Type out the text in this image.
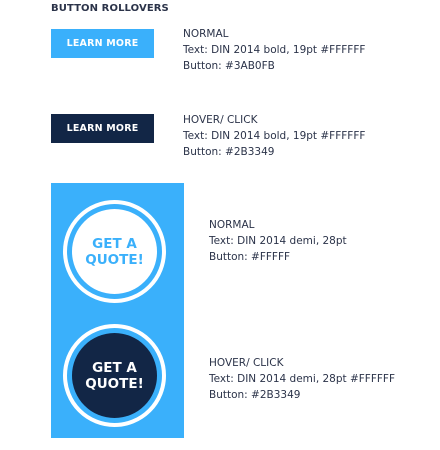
BUTTON ROLLOVERS
LEARN MORE
NORMAL
Text: DIN 2014 bold, 19pt #FFFFFF
Button: #3AB0FB
LEARN MORE
HOVER/ CLICK
Text: DIN 2014 bold, 19pt #FFFFFF
Button: #2B3349
GET A
QUOTE!
GET A
QUOTE!
NORMAL
Text: DIN 2014 demi, 28pt
Button: #FFFFF
HOVER/ CLICK
Text: DIN 2014 demi, 28pt #FFFFFF
Button: #2B3349
